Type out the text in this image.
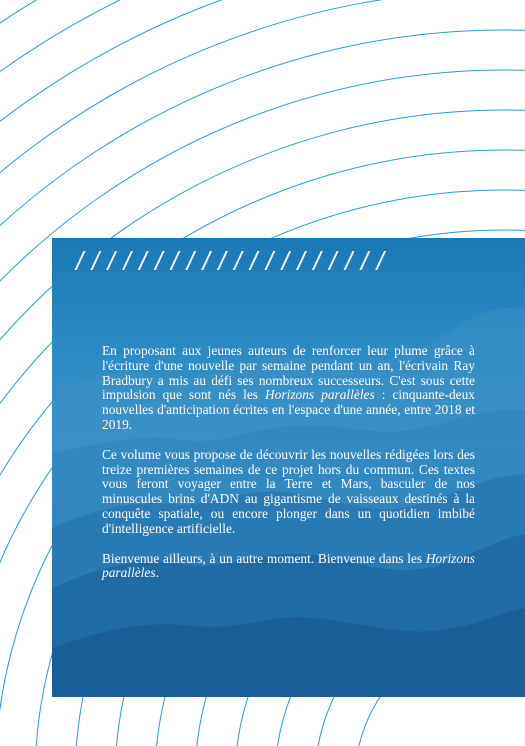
////////////////////

En proposant aux jeunes auteurs de renforcer leur plume grâce à l'écriture d'une nouvelle par semaine pendant un an, l'écrivain Ray Bradbury a mis au défi ses nombreux successeurs. C'est sous cette impulsion que sont nés les Horizons parallèles : cinquante-deux nouvelles d'anticipation écrites en l'espace d'une année, entre 2018 et 2019.

Ce volume vous propose de découvrir les nouvelles rédigées lors des treize premières semaines de ce projet hors du commun. Ces textes vous feront voyager entre la Terre et Mars, basculer de nos minuscules brins d'ADN au gigantisme de vaisseaux destinés à la conquête spatiale, ou encore plonger dans un quotidien imbibé d'intelligence artificielle.

Bienvenue ailleurs, à un autre moment. Bienvenue dans les Horizons parallèles.
